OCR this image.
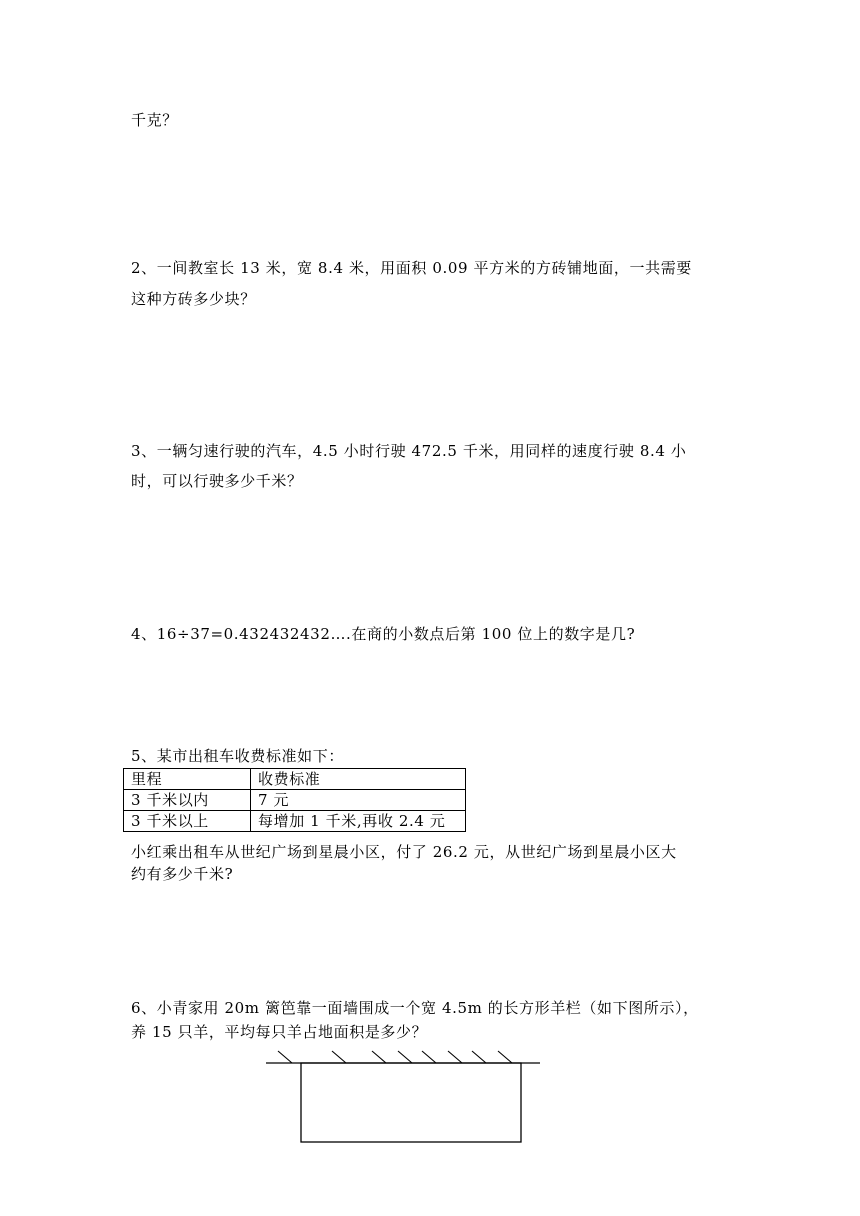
千克？
2、一间教室长 13 米，宽 8.4 米，用面积 0.09 平方米的方砖铺地面，一共需要
这种方砖多少块？
3、一辆匀速行驶的汽车，4.5 小时行驶 472.5 千米，用同样的速度行驶 8.4 小
时，可以行驶多少千米？
4、16÷37=0.432432432….在商的小数点后第 100 位上的数字是几?
5、某市出租车收费标准如下：
里程	收费标准
3 千米以内	7 元
3 千米以上	每增加 1 千米,再收 2.4 元
小红乘出租车从世纪广场到星晨小区，付了 26.2 元，从世纪广场到星晨小区大
约有多少千米?
6、小青家用 20m 篱笆靠一面墙围成一个宽 4.5m 的长方形羊栏（如下图所示），
养 15 只羊，平均每只羊占地面积是多少？
